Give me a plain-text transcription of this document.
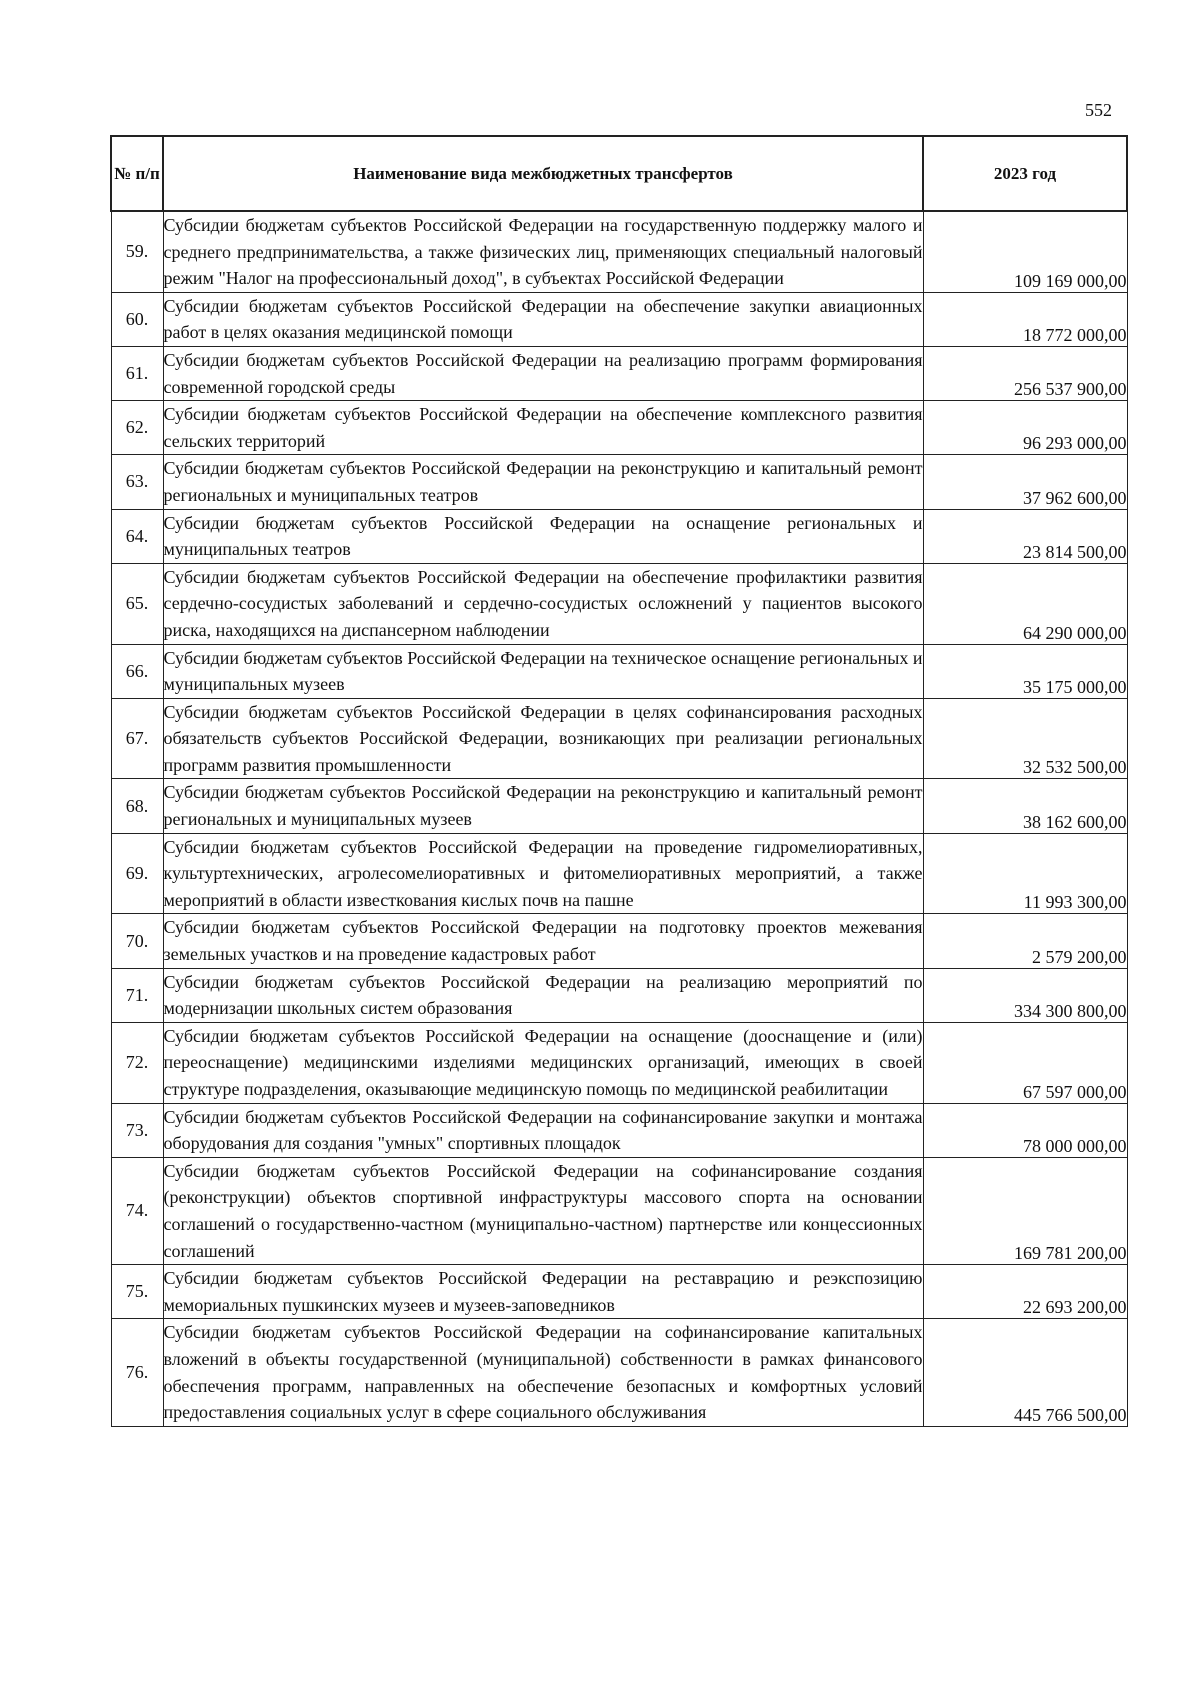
552
№ п/п	Наименование вида межбюджетных трансфертов	2023 год
59.	Субсидии бюджетам субъектов Российской Федерации на государственную поддержку малого и среднего предпринимательства, а также физических лиц, применяющих специальный налоговый режим "Налог на профессиональный доход", в субъектах Российской Федерации	109 169 000,00
60.	Субсидии бюджетам субъектов Российской Федерации на обеспечение закупки авиационных работ в целях оказания медицинской помощи	18 772 000,00
61.	Субсидии бюджетам субъектов Российской Федерации на реализацию программ формирования современной городской среды	256 537 900,00
62.	Субсидии бюджетам субъектов Российской Федерации на обеспечение комплексного развития сельских территорий	96 293 000,00
63.	Субсидии бюджетам субъектов Российской Федерации на реконструкцию и капитальный ремонт региональных и муниципальных театров	37 962 600,00
64.	Субсидии бюджетам субъектов Российской Федерации на оснащение региональных и муниципальных театров	23 814 500,00
65.	Субсидии бюджетам субъектов Российской Федерации на обеспечение профилактики развития сердечно-сосудистых заболеваний и сердечно-сосудистых осложнений у пациентов высокого риска, находящихся на диспансерном наблюдении	64 290 000,00
66.	Субсидии бюджетам субъектов Российской Федерации на техническое оснащение региональных и муниципальных музеев	35 175 000,00
67.	Субсидии бюджетам субъектов Российской Федерации в целях софинансирования расходных обязательств субъектов Российской Федерации, возникающих при реализации региональных программ развития промышленности	32 532 500,00
68.	Субсидии бюджетам субъектов Российской Федерации на реконструкцию и капитальный ремонт региональных и муниципальных музеев	38 162 600,00
69.	Субсидии бюджетам субъектов Российской Федерации на проведение гидромелиоративных, культуртехнических, агролесомелиоративных и фитомелиоративных мероприятий, а также мероприятий в области известкования кислых почв на пашне	11 993 300,00
70.	Субсидии бюджетам субъектов Российской Федерации на подготовку проектов межевания земельных участков и на проведение кадастровых работ	2 579 200,00
71.	Субсидии бюджетам субъектов Российской Федерации на реализацию мероприятий по модернизации школьных систем образования	334 300 800,00
72.	Субсидии бюджетам субъектов Российской Федерации на оснащение (дооснащение и (или) переоснащение) медицинскими изделиями медицинских организаций, имеющих в своей структуре подразделения, оказывающие медицинскую помощь по медицинской реабилитации	67 597 000,00
73.	Субсидии бюджетам субъектов Российской Федерации на софинансирование закупки и монтажа оборудования для создания "умных" спортивных площадок	78 000 000,00
74.	Субсидии бюджетам субъектов Российской Федерации на софинансирование создания (реконструкции) объектов спортивной инфраструктуры массового спорта на основании соглашений о государственно-частном (муниципально-частном) партнерстве или концессионных соглашений	169 781 200,00
75.	Субсидии бюджетам субъектов Российской Федерации на реставрацию и реэкспозицию мемориальных пушкинских музеев и музеев-заповедников	22 693 200,00
76.	Субсидии бюджетам субъектов Российской Федерации на софинансирование капитальных вложений в объекты государственной (муниципальной) собственности в рамках финансового обеспечения программ, направленных на обеспечение безопасных и комфортных условий предоставления социальных услуг в сфере социального обслуживания	445 766 500,00
